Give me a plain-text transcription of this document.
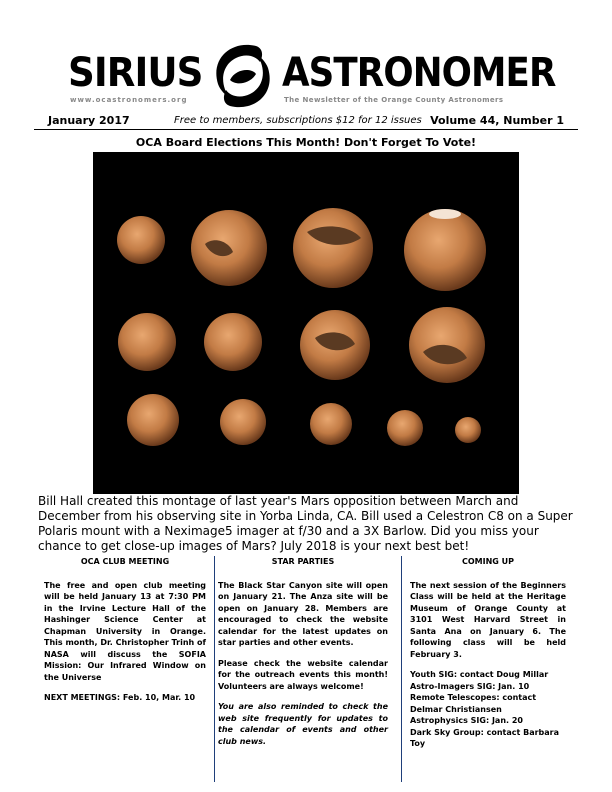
SIRIUS ASTRONOMER
www.ocastronomers.org	The Newsletter of the Orange County Astronomers
January 2017	Free to members, subscriptions $12 for 12 issues Volume 44, Number 1
OCA Board Elections This Month! Don't Forget To Vote!
Bill Hall created this montage of last year's Mars opposition between March and December from his observing site in Yorba Linda, CA. Bill used a Celestron C8 on a Super Polaris mount with a Neximage5 imager at f/30 and a 3X Barlow. Did you miss your chance to get close-up images of Mars? July 2018 is your next best bet!
OCA CLUB MEETING

The free and open club meeting will be held January 13 at 7:30 PM in the Irvine Lecture Hall of the Hashinger Science Center at Chapman University in Orange. This month, Dr. Christopher Trinh of NASA will discuss the SOFIA Mission: Our Infrared Window on the Universe

NEXT MEETINGS: Feb. 10, Mar. 10

STAR PARTIES

The Black Star Canyon site will open on January 21. The Anza site will be open on January 28. Members are encouraged to check the website calendar for the latest updates on star parties and other events.

Please check the website calendar for the outreach events this month! Volunteers are always welcome!

You are also reminded to check the web site frequently for updates to the calendar of events and other club news.

COMING UP

The next session of the Beginners Class will be held at the Heritage Museum of Orange County at 3101 West Harvard Street in Santa Ana on January 6. The following class will be held February 3.

Youth SIG: contact Doug Millar
Astro-Imagers SIG: Jan. 10
Remote Telescopes: contact Delmar Christiansen
Astrophysics SIG: Jan. 20
Dark Sky Group: contact Barbara Toy
